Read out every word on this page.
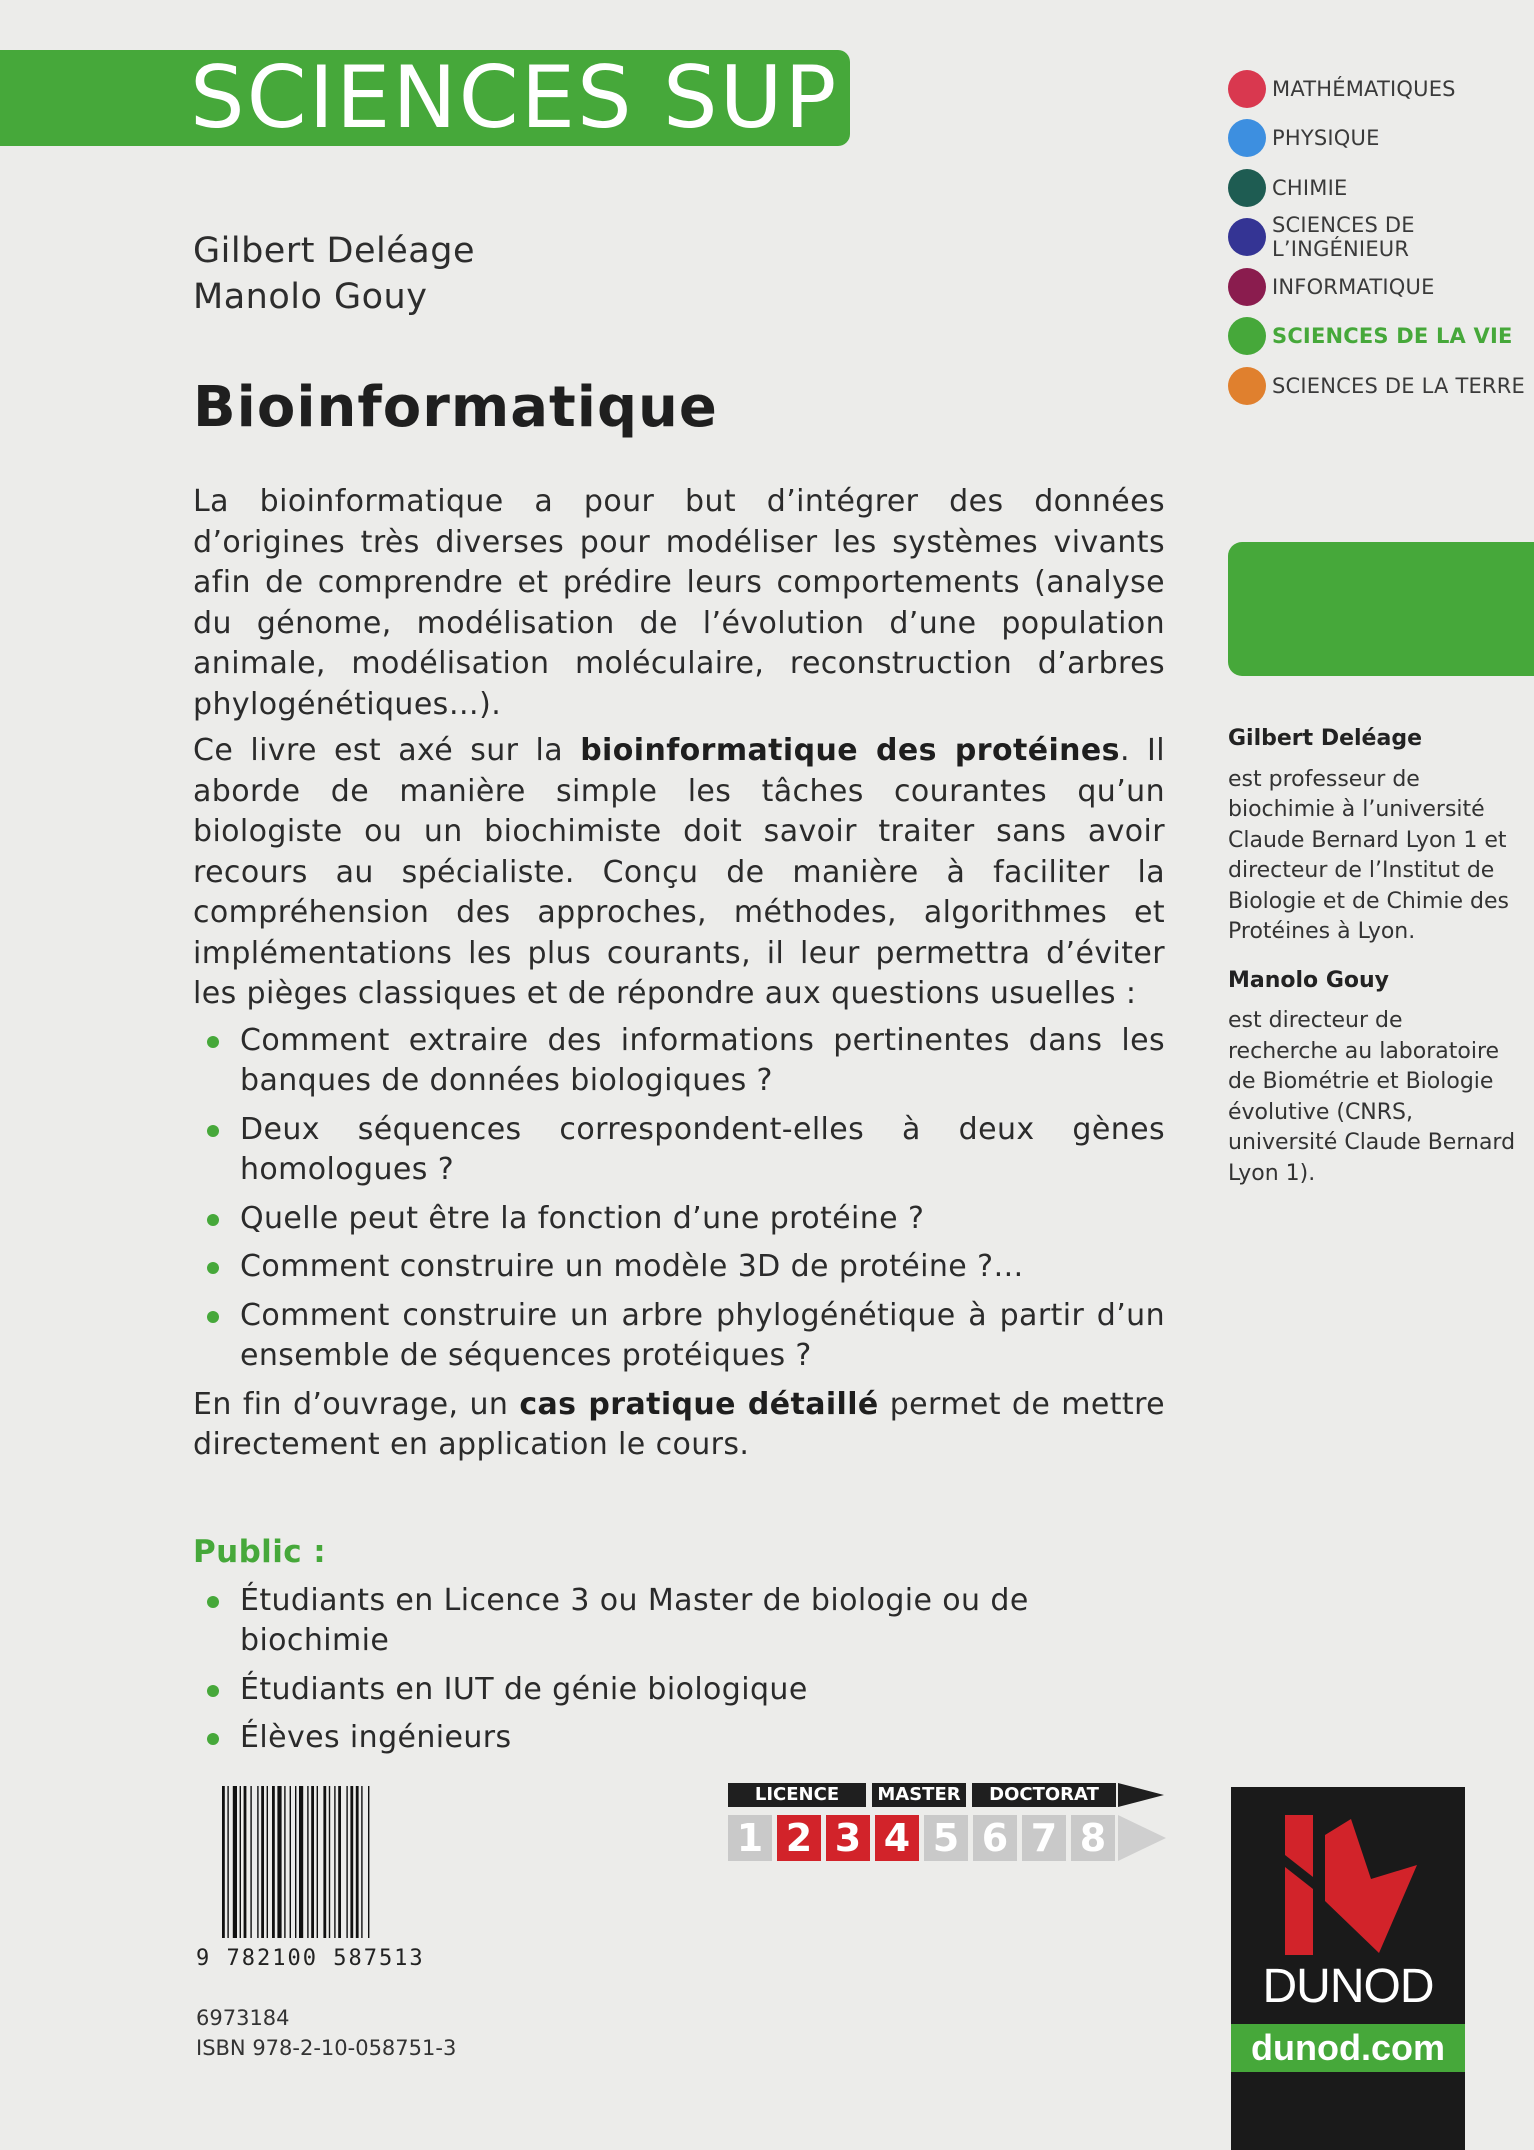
SCIENCES SUP
Gilbert Deléage
Manolo Gouy
Bioinformatique

La bioinformatique a pour but d’intégrer des données d’origines très diverses pour modéliser les systèmes vivants afin de comprendre et prédire leurs comportements (analyse du génome, modélisation de l’évolution d’une population animale, modélisation moléculaire, reconstruction d’arbres phylogénétiques…).

Ce livre est axé sur la bioinformatique des protéines. Il aborde de manière simple les tâches courantes qu’un biologiste ou un biochimiste doit savoir traiter sans avoir recours au spécialiste. Conçu de manière à faciliter la compréhension des approches, méthodes, algorithmes et implémentations les plus courants, il leur permettra d’éviter les pièges classiques et de répondre aux questions usuelles :

Comment extraire des informations pertinentes dans les banques de données biologiques ?
Deux séquences correspondent-elles à deux gènes homologues ?
Quelle peut être la fonction d’une protéine ?
Comment construire un modèle 3D de protéine ?…
Comment construire un arbre phylogénétique à partir d’un ensemble de séquences protéiques ?

En fin d’ouvrage, un cas pratique détaillé permet de mettre directement en application le cours.

Public :
Étudiants en Licence 3 ou Master de biologie ou de biochimie
Étudiants en IUT de génie biologique
Élèves ingénieurs
MATHÉMATIQUES
PHYSIQUE
CHIMIE
SCIENCES DE L’INGÉNIEUR
INFORMATIQUE
SCIENCES DE LA VIE
SCIENCES DE LA TERRE
Gilbert Deléage
est professeur de biochimie à l’université Claude Bernard Lyon 1 et directeur de l’Institut de Biologie et de Chimie des Protéines à Lyon.
Manolo Gouy
est directeur de recherche au laboratoire de Biométrie et Biologie évolutive (CNRS, université Claude Bernard Lyon 1).
LICENCE	MASTER	DOCTORAT
1 2 3 4 5 6 7 8
9 782100 587513
6973184
ISBN 978-2-10-058751-3
DUNOD
dunod.com
